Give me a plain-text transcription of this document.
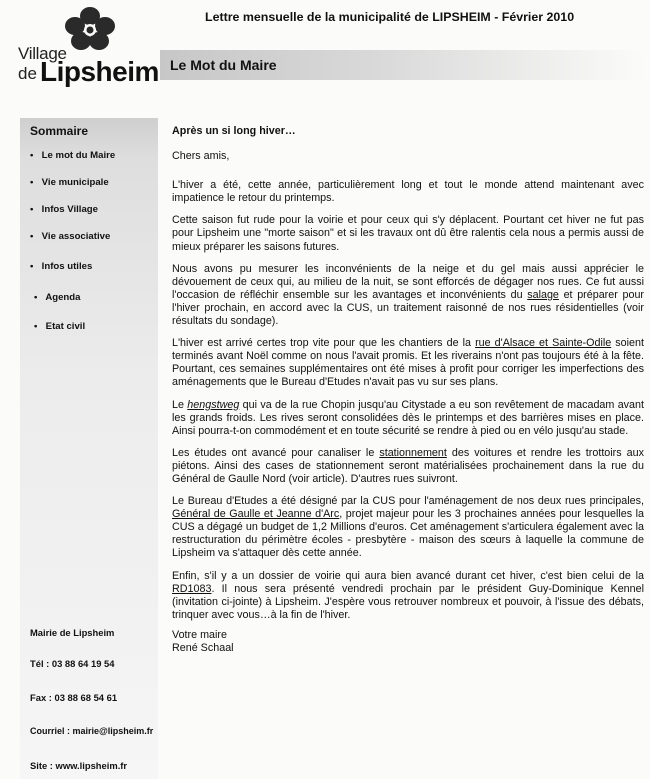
Village
de Lipsheim
Lettre mensuelle de la municipalité de LIPSHEIM - Février 2010
Le Mot du Maire
Sommaire
• Le mot du Maire
• Vie municipale
• Infos Village
• Vie associative
• Infos utiles
• Agenda
• Etat civil
Mairie de Lipsheim
Tél : 03 88 64 19 54
Fax : 03 88 68 54 61
Courriel : mairie@lipsheim.fr
Site : www.lipsheim.fr

Après un si long hiver…

Chers amis,

L'hiver a été, cette année, particulièrement long et tout le monde attend maintenant avec impatience le retour du printemps.

Cette saison fut rude pour la voirie et pour ceux qui s'y déplacent. Pourtant cet hiver ne fut pas pour Lipsheim une "morte saison" et si les travaux ont dû être ralentis cela nous a permis aussi de mieux préparer les saisons futures.

Nous avons pu mesurer les inconvénients de la neige et du gel mais aussi apprécier le dévouement de ceux qui, au milieu de la nuit, se sont efforcés de dégager nos rues. Ce fut aussi l'occasion de réfléchir ensemble sur les avantages et inconvénients du salage et préparer pour l'hiver prochain, en accord avec la CUS, un traitement raisonné de nos rues résidentielles (voir résultats du sondage).

L'hiver est arrivé certes trop vite pour que les chantiers de la rue d'Alsace et Sainte-Odile soient terminés avant Noël comme on nous l'avait promis. Et les riverains n'ont pas toujours été à la fête. Pourtant, ces semaines supplémentaires ont été mises à profit pour corriger les imperfections des aménagements que le Bureau d'Etudes n'avait pas vu sur ses plans.

Le hengstweg qui va de la rue Chopin jusqu'au Citystade a eu son revêtement de macadam avant les grands froids. Les rives seront consolidées dès le printemps et des barrières mises en place. Ainsi pourra-t-on commodément et en toute sécurité se rendre à pied ou en vélo jusqu'au stade.

Les études ont avancé pour canaliser le stationnement des voitures et rendre les trottoirs aux piétons. Ainsi des cases de stationnement seront matérialisées prochainement dans la rue du Général de Gaulle Nord (voir article). D'autres rues suivront.

Le Bureau d'Etudes a été désigné par la CUS pour l'aménagement de nos deux rues principales, Général de Gaulle et Jeanne d'Arc, projet majeur pour les 3 prochaines années pour lesquelles la CUS a dégagé un budget de 1,2 Millions d'euros. Cet aménagement s'articulera également avec la restructuration du périmètre écoles - presbytère - maison des sœurs à laquelle la commune de Lipsheim va s'attaquer dès cette année.

Enfin, s'il y a un dossier de voirie qui aura bien avancé durant cet hiver, c'est bien celui de la RD1083. Il nous sera présenté vendredi prochain par le président Guy-Dominique Kennel (invitation ci-jointe) à Lipsheim. J'espère vous retrouver nombreux et pouvoir, à l'issue des débats, trinquer avec vous…à la fin de l'hiver.

Votre maire
René Schaal
